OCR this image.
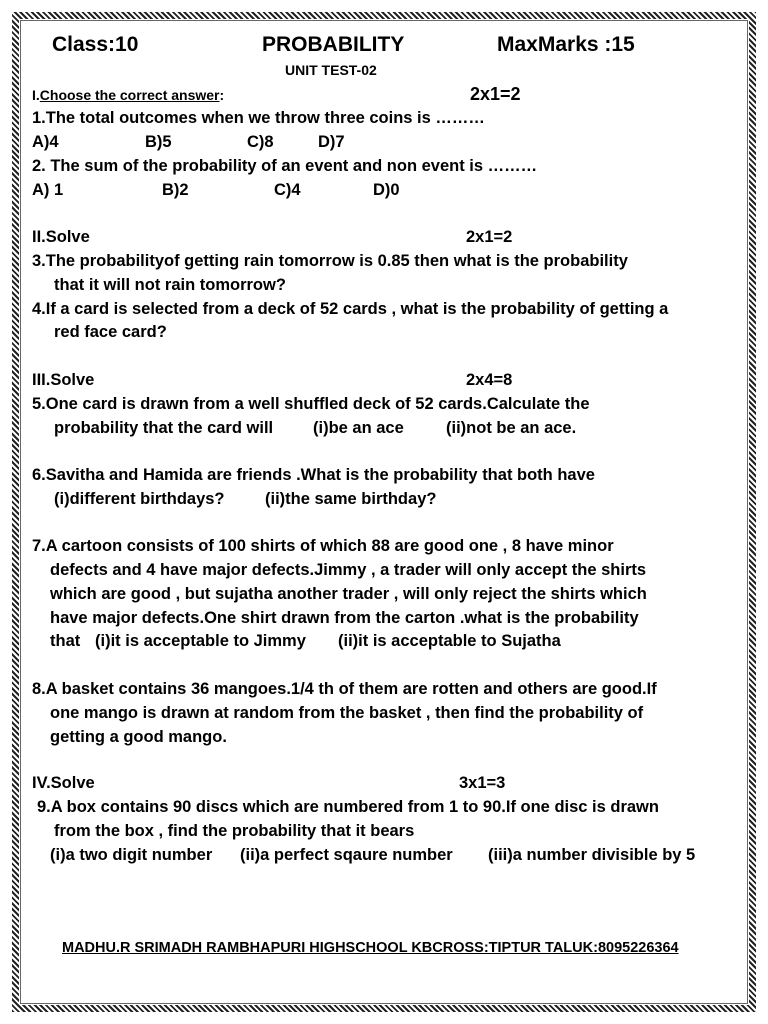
Class:10	PROBABILITY	MaxMarks :15
UNIT TEST-02
I.Choose the correct answer:	2x1=2
1.The total outcomes when we throw three coins is ………
A)4	B)5	C)8	D)7
2. The sum of the probability of an event and non event is ………
A) 1	B)2	C)4	D)0
II.Solve	2x1=2
3.The probabilityof getting rain tomorrow is 0.85 then what is the probability
that it will not rain tomorrow?
4.If a card is selected from a deck of 52 cards , what is the probability of getting a
red face card?
III.Solve	2x4=8
5.One card is drawn from a well shuffled deck of 52 cards.Calculate the
probability that the card will (i)be an ace	(ii)not be an ace.
6.Savitha and Hamida are friends .What is the probability that both have
(i)different birthdays? (ii)the same birthday?
7.A cartoon consists of 100 shirts of which 88 are good one , 8 have minor
defects and 4 have major defects.Jimmy , a trader will only accept the shirts
which are good , but sujatha another trader , will only reject the shirts which
have major defects.One shirt drawn from the carton .what is the probability
that (i)it is acceptable to Jimmy (ii)it is acceptable to Sujatha
8.A basket contains 36 mangoes.1/4 th of them are rotten and others are good.If
one mango is drawn at random from the basket , then find the probability of
getting a good mango.
IV.Solve	3x1=3
9.A box contains 90 discs which are numbered from 1 to 90.If one disc is drawn
from the box , find the probability that it bears
(i)a two digit number (ii)a perfect sqaure number (iii)a number divisible by 5
MADHU.R SRIMADH RAMBHAPURI HIGHSCHOOL KBCROSS:TIPTUR TALUK:8095226364
